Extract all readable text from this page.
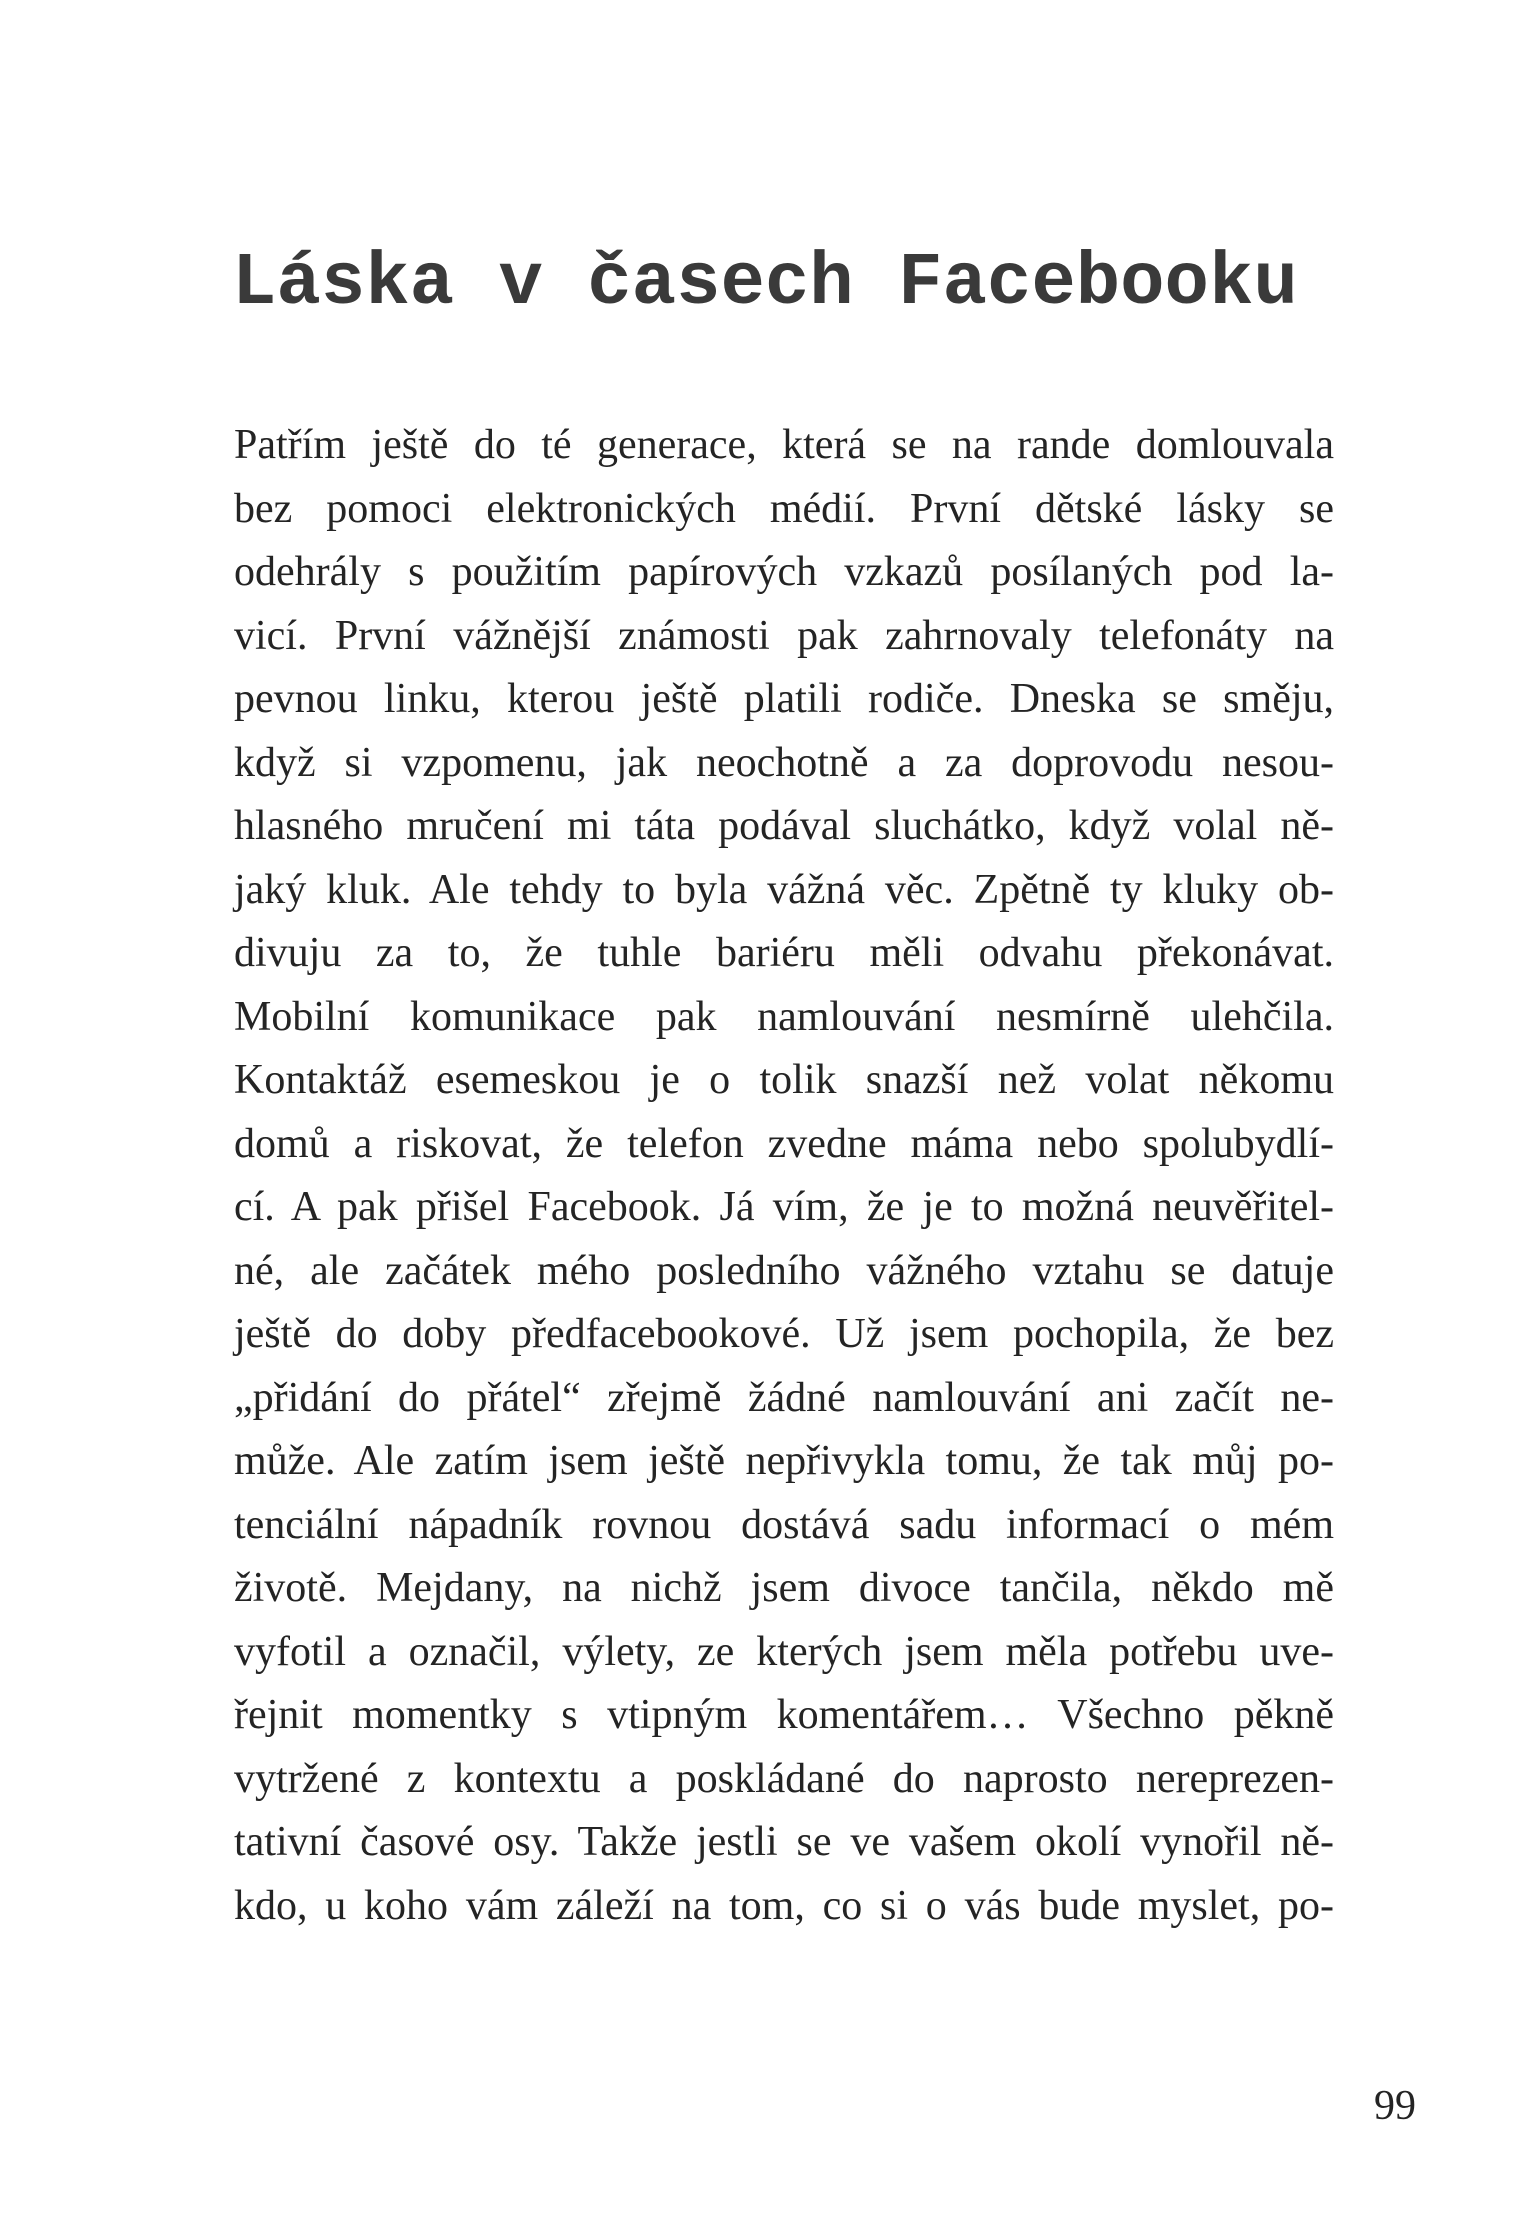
Láska v časech Facebooku
Patřím ještě do té generace, která se na rande domlouvala
bez pomoci elektronických médií. První dětské lásky se
odehrály s použitím papírových vzkazů posílaných pod la-
vicí. První vážnější známosti pak zahrnovaly telefonáty na
pevnou linku, kterou ještě platili rodiče. Dneska se směju,
když si vzpomenu, jak neochotně a za doprovodu nesou-
hlasného mručení mi táta podával sluchátko, když volal ně-
jaký kluk. Ale tehdy to byla vážná věc. Zpětně ty kluky ob-
divuju za to, že tuhle bariéru měli odvahu překonávat.
Mobilní komunikace pak namlouvání nesmírně ulehčila.
Kontaktáž esemeskou je o tolik snazší než volat někomu
domů a riskovat, že telefon zvedne máma nebo spolubydlí-
cí. A pak přišel Facebook. Já vím, že je to možná neuvěřitel-
né, ale začátek mého posledního vážného vztahu se datuje
ještě do doby předfacebookové. Už jsem pochopila, že bez
„přidání do přátel“ zřejmě žádné namlouvání ani začít ne-
může. Ale zatím jsem ještě nepřivykla tomu, že tak můj po-
tenciální nápadník rovnou dostává sadu informací o mém
životě. Mejdany, na nichž jsem divoce tančila, někdo mě
vyfotil a označil, výlety, ze kterých jsem měla potřebu uve-
řejnit momentky s vtipným komentářem… Všechno pěkně
vytržené z kontextu a poskládané do naprosto nereprezen-
tativní časové osy. Takže jestli se ve vašem okolí vynořil ně-
kdo, u koho vám záleží na tom, co si o vás bude myslet, po-
99
